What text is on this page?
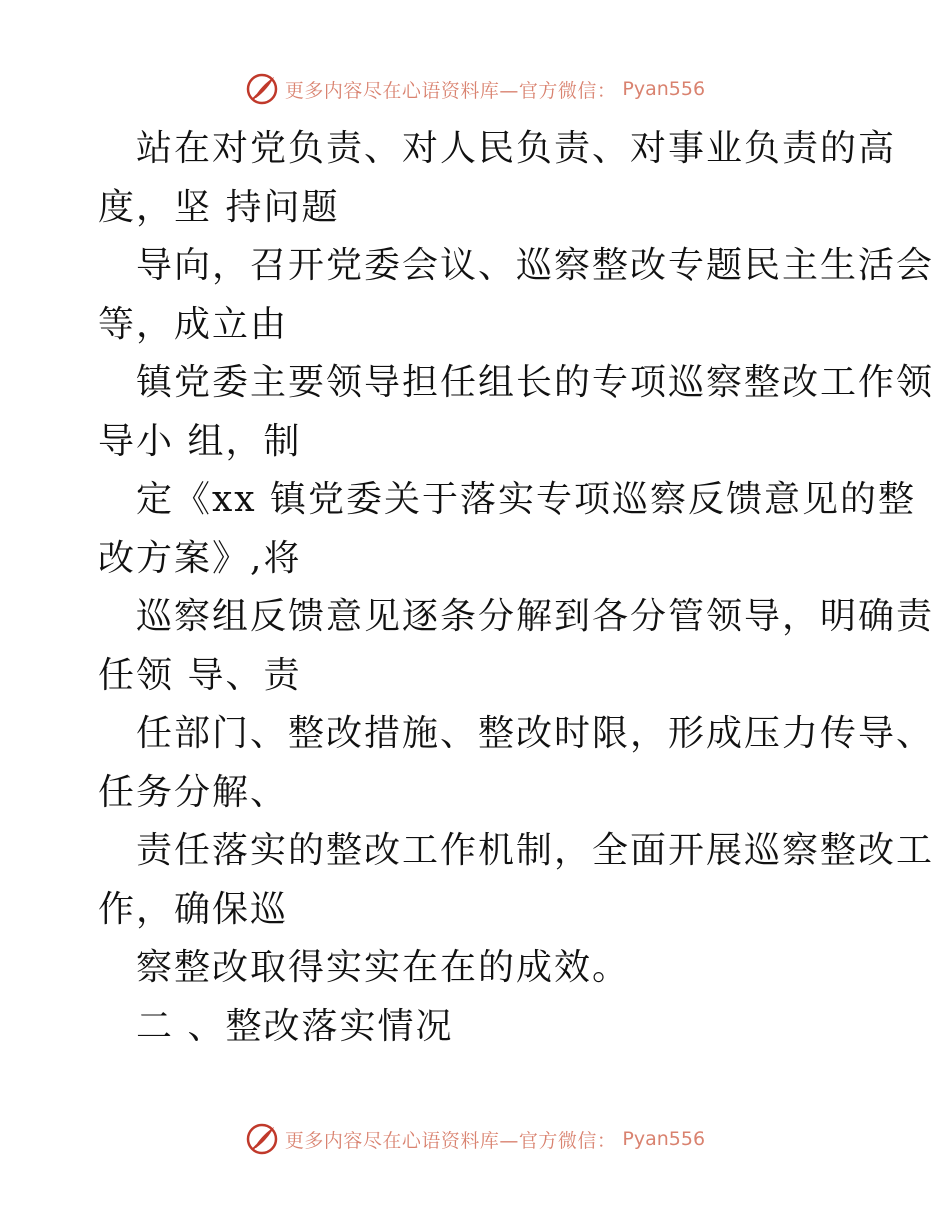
更多内容尽在心语资料库—官方微信： Pyan556
站在对党负责、对人民负责、对事业负责的高
度，坚 持问题
导向，召开党委会议、巡察整改专题民主生活会
等，成立由
镇党委主要领导担任组长的专项巡察整改工作领
导小 组，制
定《xx 镇党委关于落实专项巡察反馈意见的整
改方案》,将
巡察组反馈意见逐条分解到各分管领导，明确责
任领 导、责
任部门、整改措施、整改时限，形成压力传导、
任务分解、
责任落实的整改工作机制，全面开展巡察整改工
作，确保巡
察整改取得实实在在的成效。
二 、整改落实情况
更多内容尽在心语资料库—官方微信： Pyan556
